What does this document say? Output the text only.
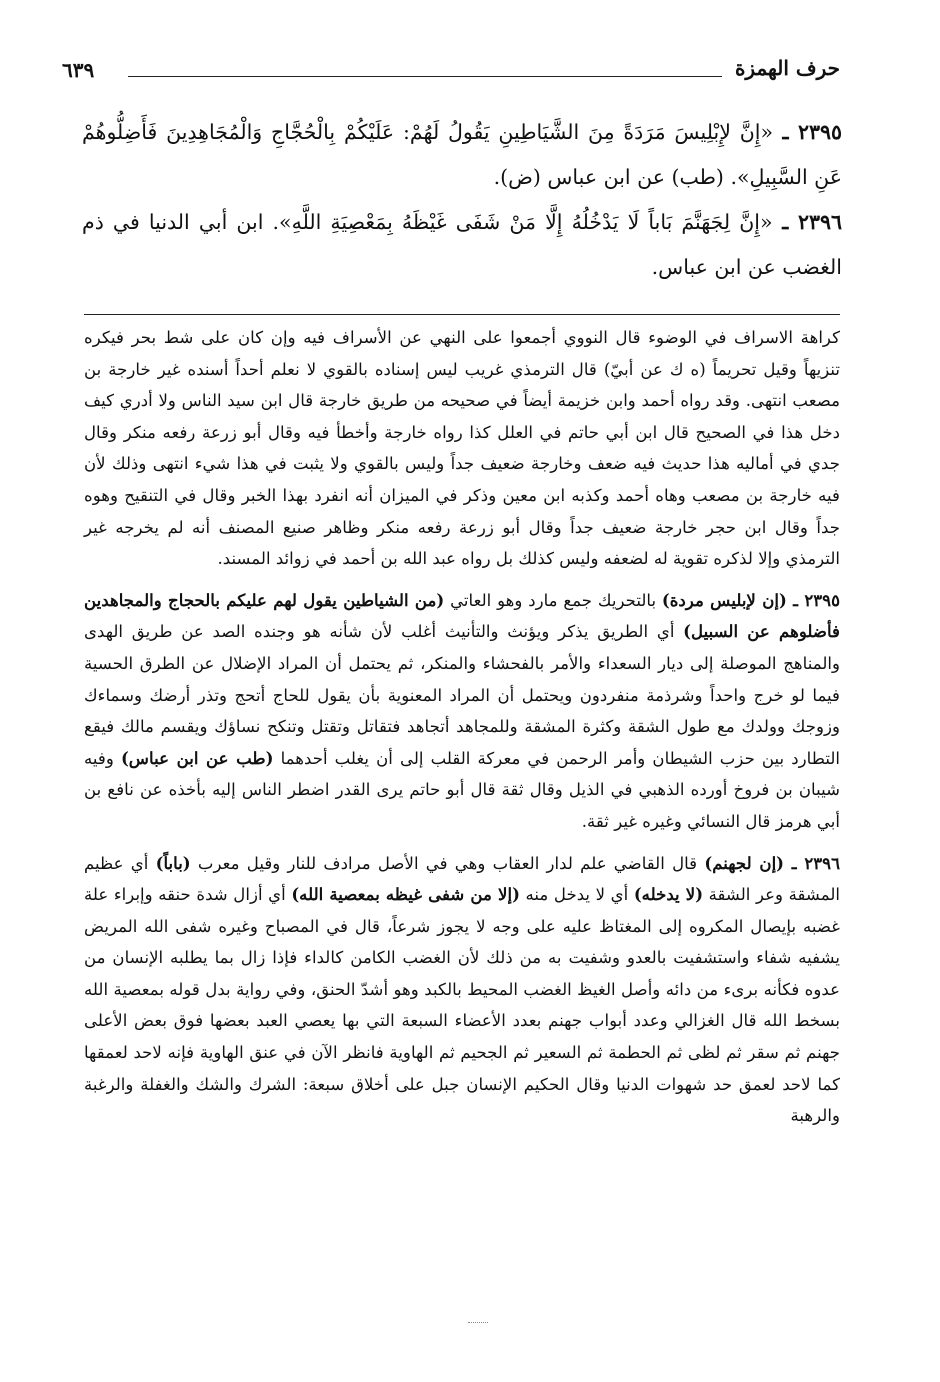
٦٣٩	حرف الهمزة

٢٣٩٥ ـ «إِنَّ لإِبْلِيسَ مَرَدَةً مِنَ الشَّيَاطِينِ يَقُولُ لَهُمْ: عَلَيْكُمْ بِالْحُجَّاجِ وَالْمُجَاهِدِينَ فَأَضِلُّوهُمْ عَنِ السَّبِيلِ». (طب) عن ابن عباس (ض).

٢٣٩٦ ـ «إِنَّ لِجَهَنَّمَ بَاباً لَا يَدْخُلُهُ إِلَّا مَنْ شَفَى غَيْظَهُ بِمَعْصِيَةِ اللَّهِ». ابن أبي الدنيا في ذم الغضب عن ابن عباس.

كراهة الاسراف في الوضوء قال النووي أجمعوا على النهي عن الأسراف فيه وإن كان على شط بحر فيكره تنزيهاً وقيل تحريماً (ه ك عن أبيّ) قال الترمذي غريب ليس إسناده بالقوي لا نعلم أحداً أسنده غير خارجة بن مصعب انتهى. وقد رواه أحمد وابن خزيمة أيضاً في صحيحه من طريق خارجة قال ابن سيد الناس ولا أدري كيف دخل هذا في الصحيح قال ابن أبي حاتم في العلل كذا رواه خارجة وأخطأ فيه وقال أبو زرعة رفعه منكر وقال جدي في أماليه هذا حديث فيه ضعف وخارجة ضعيف جداً وليس بالقوي ولا يثبت في هذا شيء انتهى وذلك لأن فيه خارجة بن مصعب وهاه أحمد وكذبه ابن معين وذكر في الميزان أنه انفرد بهذا الخبر وقال في التنقيح وهوه جداً وقال ابن حجر خارجة ضعيف جداً وقال أبو زرعة رفعه منكر وظاهر صنيع المصنف أنه لم يخرجه غير الترمذي وإلا لذكره تقوية له لضعفه وليس كذلك بل رواه عبد الله بن أحمد في زوائد المسند.

٢٣٩٥ ـ (إن لإبليس مردة) بالتحريك جمع مارد وهو العاتي (من الشياطين يقول لهم عليكم بالحجاج والمجاهدين فأضلوهم عن السبيل) أي الطريق يذكر ويؤنث والتأنيث أغلب لأن شأنه هو وجنده الصد عن طريق الهدى والمناهج الموصلة إلى ديار السعداء والأمر بالفحشاء والمنكر، ثم يحتمل أن المراد الإضلال عن الطرق الحسية فيما لو خرج واحداً وشرذمة منفردون ويحتمل أن المراد المعنوية بأن يقول للحاج أتحج وتذر أرضك وسماءك وزوجك وولدك مع طول الشقة وكثرة المشقة وللمجاهد أتجاهد فتقاتل وتقتل وتنكح نساؤك ويقسم مالك فيقع التطارد بين حزب الشيطان وأمر الرحمن في معركة القلب إلى أن يغلب أحدهما (طب عن ابن عباس) وفيه شيبان بن فروخ أورده الذهبي في الذيل وقال ثقة قال أبو حاتم يرى القدر اضطر الناس إليه بأخذه عن نافع بن أبي هرمز قال النسائي وغيره غير ثقة.

٢٣٩٦ ـ (إن لجهنم) قال القاضي علم لدار العقاب وهي في الأصل مرادف للنار وقيل معرب (باباً) أي عظيم المشقة وعر الشقة (لا يدخله) أي لا يدخل منه (إلا من شفى غيظه بمعصية الله) أي أزال شدة حنقه وإبراء علة غضبه بإيصال المكروه إلى المغتاظ عليه على وجه لا يجوز شرعاً، قال في المصباح وغيره شفى الله المريض يشفيه شفاء واستشفيت بالعدو وشفيت به من ذلك لأن الغضب الكامن كالداء فإذا زال بما يطلبه الإنسان من عدوه فكأنه برىء من دائه وأصل الغيظ الغضب المحيط بالكبد وهو أشدّ الحنق، وفي رواية بدل قوله بمعصية الله بسخط الله قال الغزالي وعدد أبواب جهنم بعدد الأعضاء السبعة التي بها يعصي العبد بعضها فوق بعض الأعلى جهنم ثم سقر ثم لظى ثم الحطمة ثم السعير ثم الجحيم ثم الهاوية فانظر الآن في عنق الهاوية فإنه لاحد لعمقها كما لاحد لعمق حد شهوات الدنيا وقال الحكيم الإنسان جبل على أخلاق سبعة: الشرك والشك والغفلة والرغبة والرهبة
